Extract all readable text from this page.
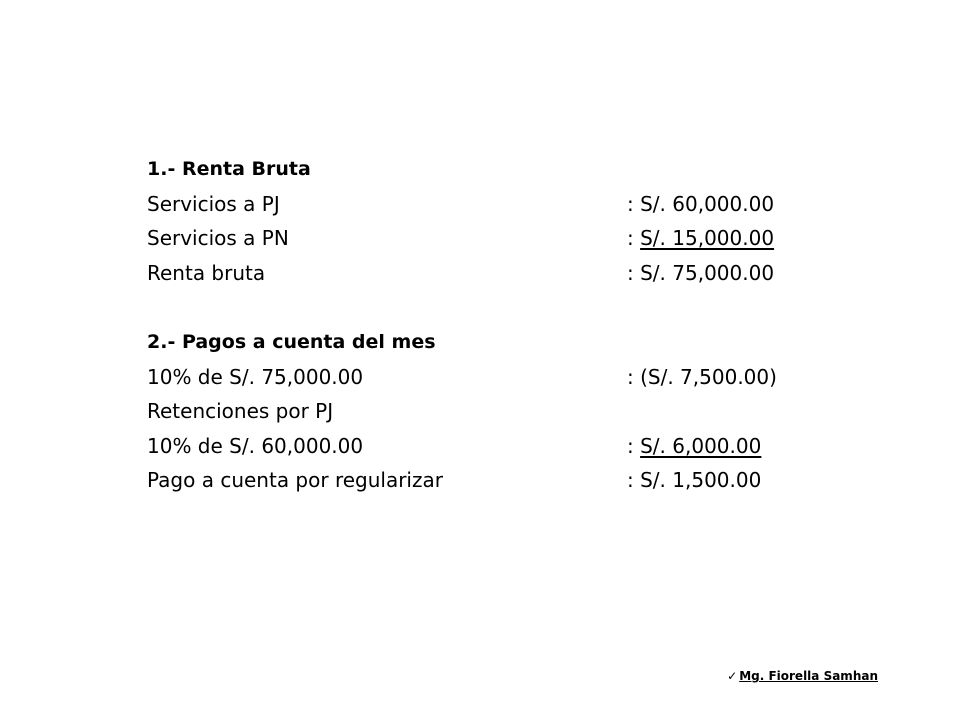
1.- Renta Bruta
Servicios a PJ	: S/. 60,000.00
Servicios a PN	: S/. 15,000.00
Renta bruta	: S/. 75,000.00
2.- Pagos a cuenta del mes
10% de S/. 75,000.00	: (S/. 7,500.00)
Retenciones por PJ
10% de S/. 60,000.00	: S/. 6,000.00
Pago a cuenta por regularizar	: S/. 1,500.00
✓ Mg. Fiorella Samhan
